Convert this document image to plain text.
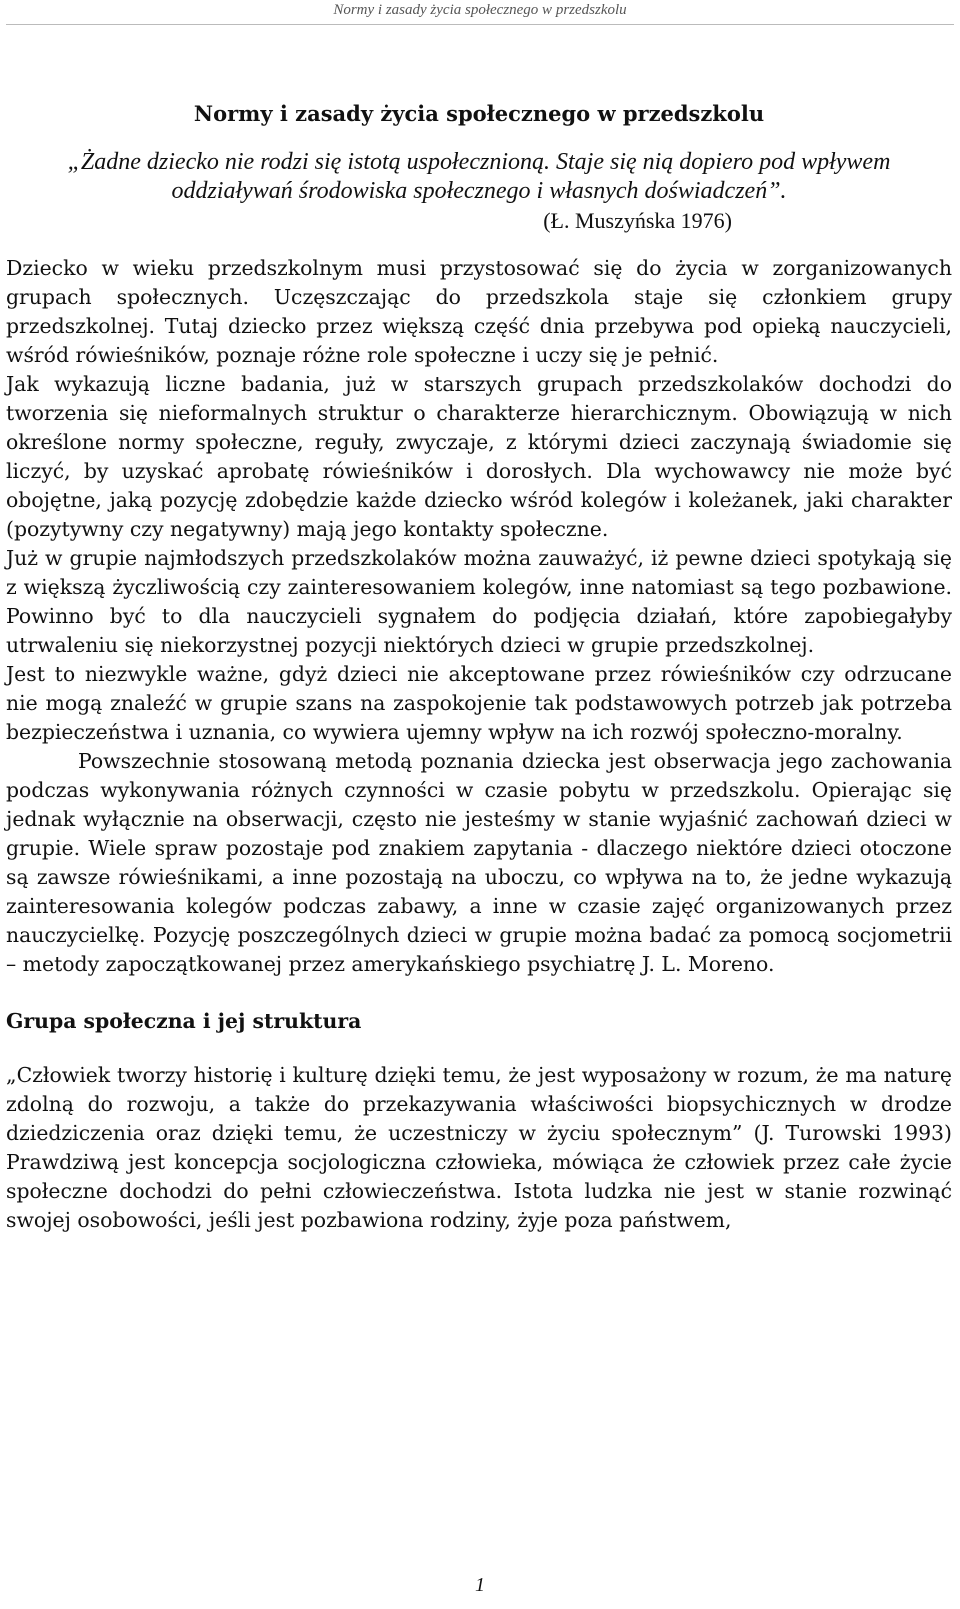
Normy i zasady życia społecznego w przedszkolu
Normy i zasady życia społecznego w przedszkolu

„Żadne dziecko nie rodzi się istotą uspołecznioną. Staje się nią dopiero pod wpływem oddziaływań środowiska społecznego i własnych doświadczeń”.

(Ł. Muszyńska 1976)

Dziecko w wieku przedszkolnym musi przystosować się do życia w zorganizowanych grupach społecznych. Uczęszczając do przedszkola staje się członkiem grupy przedszkolnej. Tutaj dziecko przez większą część dnia przebywa pod opieką nauczycieli, wśród rówieśników, poznaje różne role społeczne i uczy się je pełnić.

Jak wykazują liczne badania, już w starszych grupach przedszkolaków dochodzi do tworzenia się nieformalnych struktur o charakterze hierarchicznym. Obowiązują w nich określone normy społeczne, reguły, zwyczaje, z którymi dzieci zaczynają świadomie się liczyć, by uzyskać aprobatę rówieśników i dorosłych. Dla wychowawcy nie może być obojętne, jaką pozycję zdobędzie każde dziecko wśród kolegów i koleżanek, jaki charakter (pozytywny czy negatywny) mają jego kontakty społeczne.

Już w grupie najmłodszych przedszkolaków można zauważyć, iż pewne dzieci spotykają się z większą życzliwością czy zainteresowaniem kolegów, inne natomiast są tego pozbawione. Powinno być to dla nauczycieli sygnałem do podjęcia działań, które zapobiegałyby utrwaleniu się niekorzystnej pozycji niektórych dzieci w grupie przedszkolnej.

Jest to niezwykle ważne, gdyż dzieci nie akceptowane przez rówieśników czy odrzucane nie mogą znaleźć w grupie szans na zaspokojenie tak podstawowych potrzeb jak potrzeba bezpieczeństwa i uznania, co wywiera ujemny wpływ na ich rozwój społeczno-moralny.

Powszechnie stosowaną metodą poznania dziecka jest obserwacja jego zachowania podczas wykonywania różnych czynności w czasie pobytu w przedszkolu. Opierając się jednak wyłącznie na obserwacji, często nie jesteśmy w stanie wyjaśnić zachowań dzieci w grupie. Wiele spraw pozostaje pod znakiem zapytania - dlaczego niektóre dzieci otoczone są zawsze rówieśnikami, a inne pozostają na uboczu, co wpływa na to, że jedne wykazują zainteresowania kolegów podczas zabawy, a inne w czasie zajęć organizowanych przez nauczycielkę. Pozycję poszczególnych dzieci w grupie można badać za pomocą socjometrii – metody zapoczątkowanej przez amerykańskiego psychiatrę J. L. Moreno.

Grupa społeczna i jej struktura

„Człowiek tworzy historię i kulturę dzięki temu, że jest wyposażony w rozum, że ma naturę zdolną do rozwoju, a także do przekazywania właściwości biopsychicznych w drodze dziedziczenia oraz dzięki temu, że uczestniczy w życiu społecznym” (J. Turowski 1993) Prawdziwą jest koncepcja socjologiczna człowieka, mówiąca że człowiek przez całe życie społeczne dochodzi do pełni człowieczeństwa. Istota ludzka nie jest w stanie rozwinąć swojej osobowości, jeśli jest pozbawiona rodziny, żyje poza państwem,

1
